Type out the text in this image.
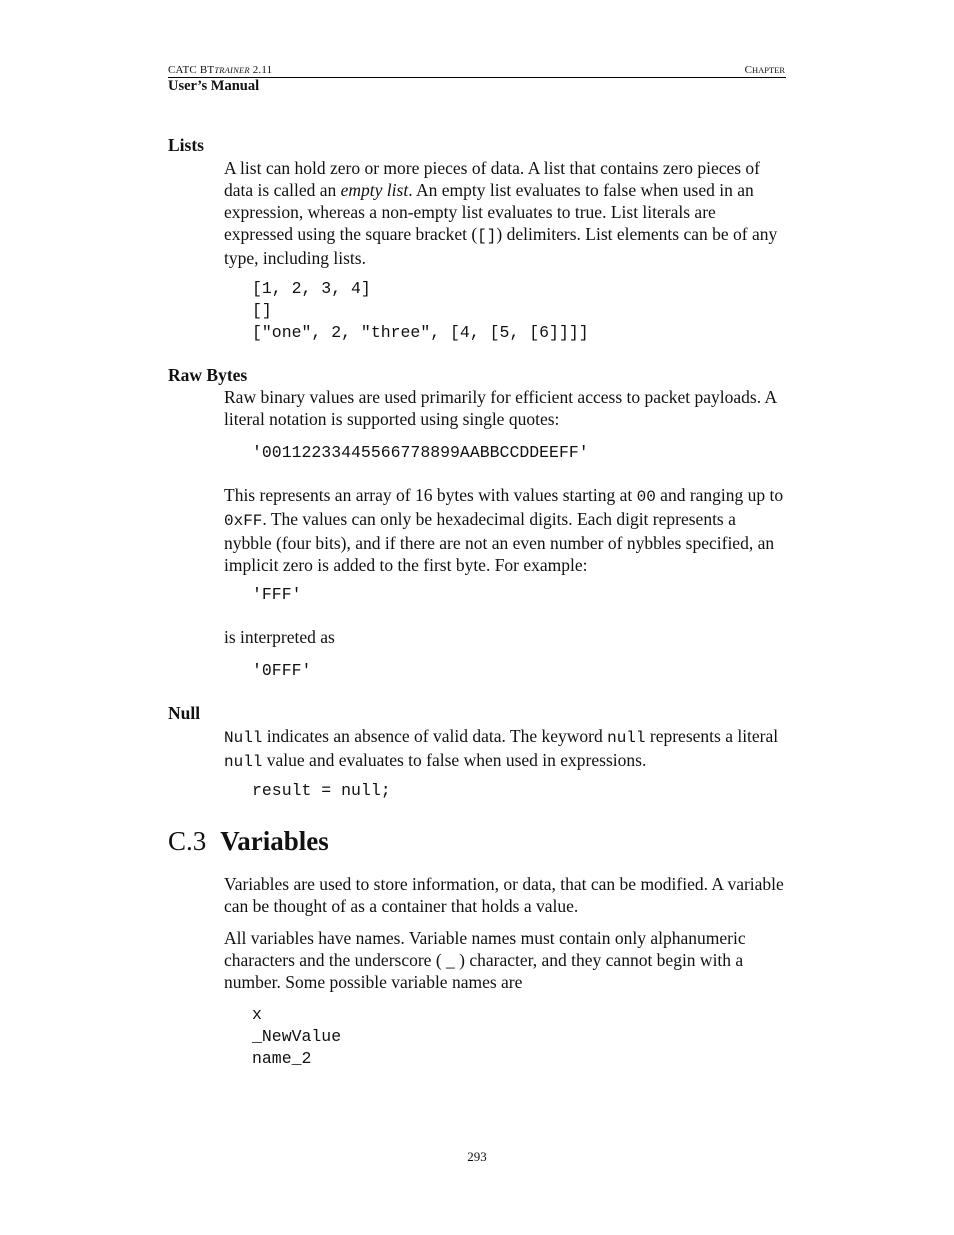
CATC BTTRAINER 2.11	CHAPTER
User’s Manual
Lists
A list can hold zero or more pieces of data. A list that contains zero pieces of data is called an empty list. An empty list evaluates to false when used in an expression, whereas a non-empty list evaluates to true. List literals are expressed using the square bracket ([]) delimiters. List elements can be of any type, including lists.
[1, 2, 3, 4]
[]
["one", 2, "three", [4, [5, [6]]]]
Raw Bytes
Raw binary values are used primarily for efficient access to packet payloads. A literal notation is supported using single quotes:
'00112233445566778899AABBCCDDEEFF'
This represents an array of 16 bytes with values starting at 00 and ranging up to 0xFF. The values can only be hexadecimal digits. Each digit represents a nybble (four bits), and if there are not an even number of nybbles specified, an implicit zero is added to the first byte. For example:
'FFF'
is interpreted as
'0FFF'
Null
Null indicates an absence of valid data. The keyword null represents a literal null value and evaluates to false when used in expressions.
result = null;
C.3 Variables
Variables are used to store information, or data, that can be modified. A variable can be thought of as a container that holds a value.
All variables have names. Variable names must contain only alphanumeric characters and the underscore ( _ ) character, and they cannot begin with a number. Some possible variable names are
x
_NewValue
name_2
293
